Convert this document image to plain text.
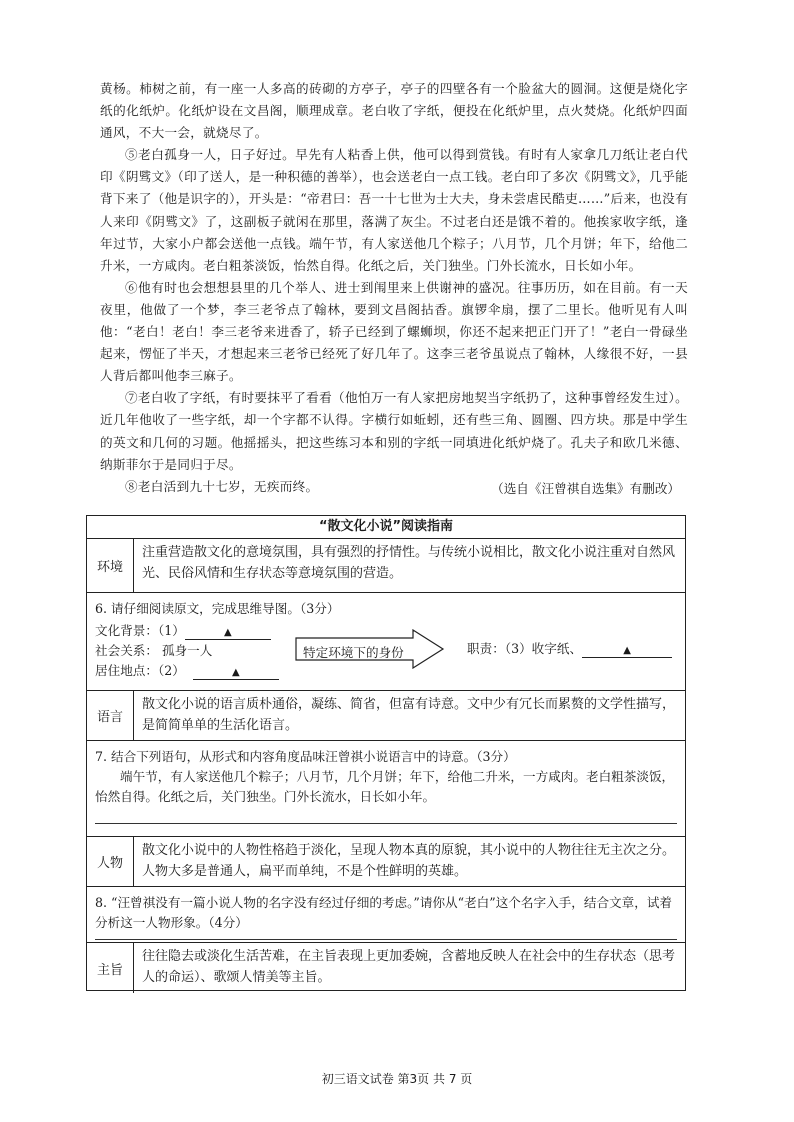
黄杨。柿树之前，有一座一人多高的砖砌的方亭子，亭子的四壁各有一个脸盆大的圆洞。这便是烧化字纸的化纸炉。化纸炉设在文昌阁，顺理成章。老白收了字纸，便投在化纸炉里，点火焚烧。化纸炉四面通风，不大一会，就烧尽了。

⑤老白孤身一人，日子好过。早先有人粘香上供，他可以得到赏钱。有时有人家拿几刀纸让老白代印《阴骘文》（印了送人，是一种积德的善举），也会送老白一点工钱。老白印了多次《阴骘文》，几乎能背下来了（他是识字的），开头是：“帝君曰：吾一十七世为士大夫，身未尝虐民酷吏……”后来，也没有人来印《阴骘文》了，这副板子就闲在那里，落满了灰尘。不过老白还是饿不着的。他挨家收字纸，逢年过节，大家小户都会送他一点钱。端午节，有人家送他几个粽子；八月节，几个月饼；年下，给他二升米，一方咸肉。老白粗茶淡饭，怡然自得。化纸之后，关门独坐。门外长流水，日长如小年。

⑥他有时也会想想县里的几个举人、进士到闱里来上供谢神的盛况。往事历历，如在目前。有一天夜里，他做了一个梦，李三老爷点了翰林，要到文昌阁拈香。旗锣伞扇，摆了二里长。他听见有人叫他：“老白！老白！李三老爷来进香了，轿子已经到了螺蛳坝，你还不起来把正门开了！”老白一骨碌坐起来，愣怔了半天，才想起来三老爷已经死了好几年了。这李三老爷虽说点了翰林，人缘很不好，一县人背后都叫他李三麻子。

⑦老白收了字纸，有时要抹平了看看（他怕万一有人家把房地契当字纸扔了，这种事曾经发生过）。近几年他收了一些字纸，却一个字都不认得。字横行如蚯蚓，还有些三角、圆圈、四方块。那是中学生的英文和几何的习题。他摇摇头，把这些练习本和别的字纸一同填进化纸炉烧了。孔夫子和欧几米德、纳斯菲尔于是同归于尽。

⑧老白活到九十七岁，无疾而终。	（选自《汪曾祺自选集》有删改）
“散文化小说”阅读指南
环境
注重营造散文化的意境氛围，具有强烈的抒情性。与传统小说相比，散文化小说注重对自然风光、民俗风情和生存状态等意境氛围的营造。

6. 请仔细阅读原文，完成思维导图。（3分）

文化背景：（1）	▲
社会关系： 孤身一人
居住地点：（2）	▲
特定环境下的身份	职责：（3）收字纸、	▲
语言
散文化小说的语言质朴通俗，凝练、简省，但富有诗意。文中少有冗长而累赘的文学性描写，是简简单单的生活化语言。

7. 结合下列语句，从形式和内容角度品味汪曾祺小说语言中的诗意。（3分）

端午节，有人家送他几个粽子；八月节，几个月饼；年下，给他二升米，一方咸肉。老白粗茶淡饭，怡然自得。化纸之后，关门独坐。门外长流水，日长如小年。

人物
散文化小说中的人物性格趋于淡化，呈现人物本真的原貌，其小说中的人物往往无主次之分。人物大多是普通人，扁平而单纯，不是个性鲜明的英雄。

8. “汪曾祺没有一篇小说人物的名字没有经过仔细的考虑。”请你从“老白”这个名字入手，结合文章，试着分析这一人物形象。（4分）

主旨
往往隐去或淡化生活苦难，在主旨表现上更加委婉，含蓄地反映人在社会中的生存状态（思考人的命运）、歌颂人情美等主旨。
初三语文试卷 第3页 共 7 页
